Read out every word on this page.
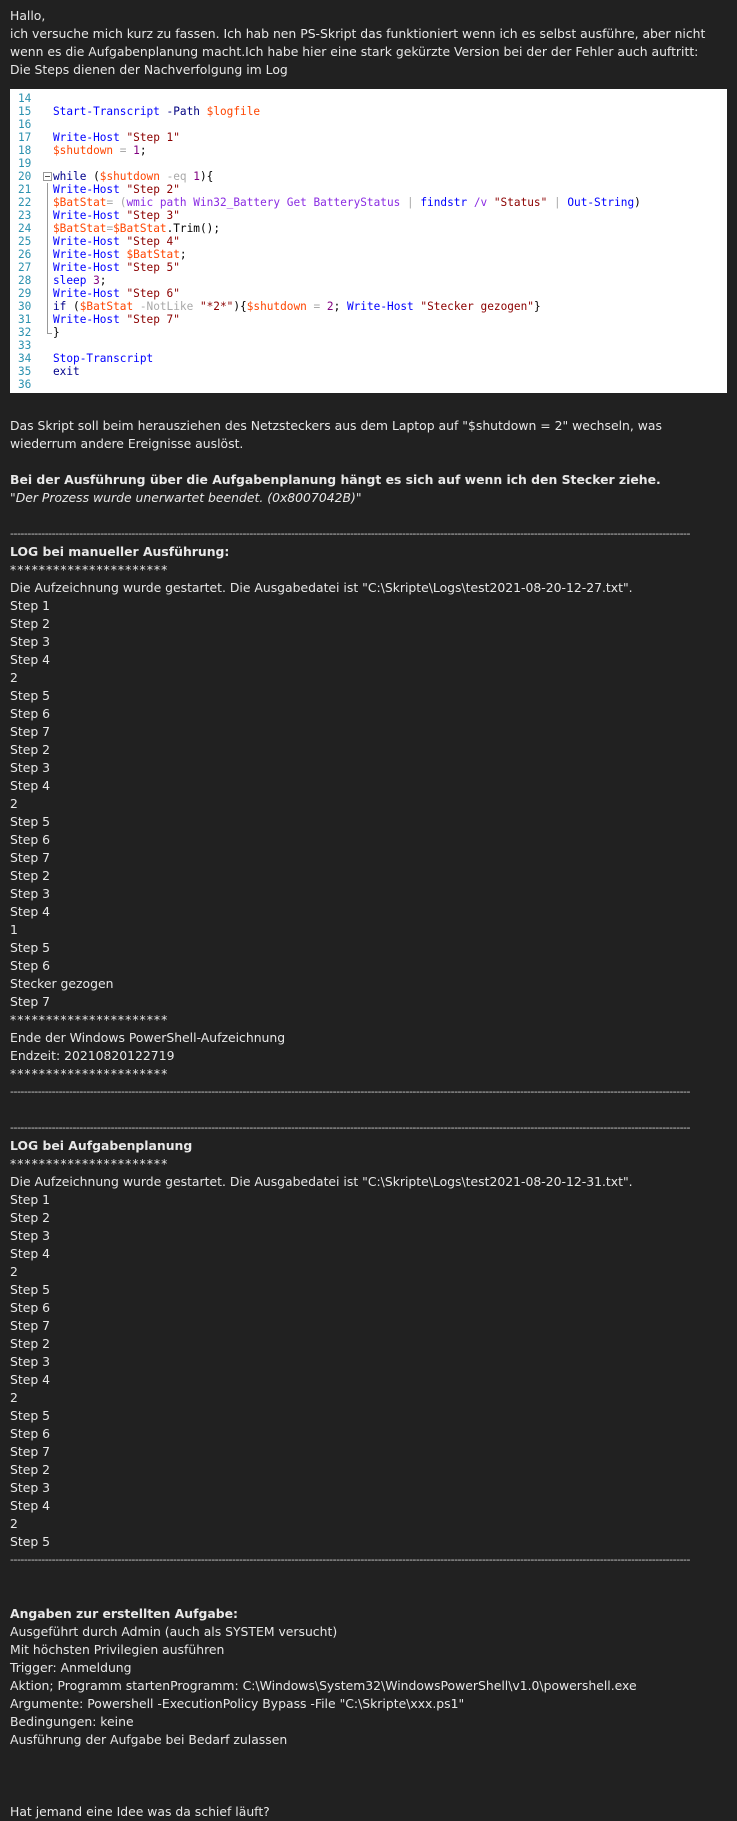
Hallo,

ich versuche mich kurz zu fassen. Ich hab nen PS-Skript das funktioniert wenn ich es selbst ausführe, aber nicht wenn es die Aufgabenplanung macht.Ich habe hier eine stark gekürzte Version bei der der Fehler auch auftritt:

Die Steps dienen der Nachverfolgung im Log

14
15	Start-Transcript -Path $logfile
16
17	Write-Host
"Step 1"
18	$shutdown = 1 ;
19
20	while ( $shutdown -eq 1 ){
21	Write-Host
"Step 2"
22	$BatStat = ( wmic path Win32_Battery Get BatteryStatus | findstr /v "Status" | Out-String )
23	Write-Host
"Step 3"
24	$BatStat = $BatStat .Trim();
25	Write-Host
"Step 4"
26	Write-Host
$BatStat ;
27	Write-Host
"Step 5"
28	sleep
3 ;
29	Write-Host
"Step 6"
30	if ( $BatStat -NotLike "*2*" ){ $shutdown = 2 ; Write-Host
"Stecker gezogen" }
31	Write-Host
"Step 7"
32	}
33
34	Stop-Transcript
35	exit
36

Das Skript soll beim herausziehen des Netzsteckers aus dem Laptop auf "$shutdown = 2" wechseln, was wiederrum andere Ereignisse auslöst.

Bei der Ausführung über die Aufgabenplanung hängt es sich auf wenn ich den Stecker ziehe.

"Der Prozess wurde unerwartet beendet. (0x8007042B)"

----------------------------------------------------------------------------------------------------------------------------------------------------------------------------------------------------

LOG bei manueller Ausführung:

**********************

Die Aufzeichnung wurde gestartet. Die Ausgabedatei ist "C:\Skripte\Logs\test2021-08-20-12-27.txt".

Step 1

Step 2

Step 3

Step 4

2

Step 5

Step 6

Step 7

Step 2

Step 3

Step 4

2

Step 5

Step 6

Step 7

Step 2

Step 3

Step 4

1

Step 5

Step 6

Stecker gezogen

Step 7

**********************

Ende der Windows PowerShell-Aufzeichnung

Endzeit: 20210820122719

**********************
----------------------------------------------------------------------------------------------------------------------------------------------------------------------------------------------------
----------------------------------------------------------------------------------------------------------------------------------------------------------------------------------------------------

LOG bei Aufgabenplanung

**********************

Die Aufzeichnung wurde gestartet. Die Ausgabedatei ist "C:\Skripte\Logs\test2021-08-20-12-31.txt".

Step 1

Step 2

Step 3

Step 4

2

Step 5

Step 6

Step 7

Step 2

Step 3

Step 4

2

Step 5

Step 6

Step 7

Step 2

Step 3

Step 4

2

Step 5

----------------------------------------------------------------------------------------------------------------------------------------------------------------------------------------------------

Angaben zur erstellten Aufgabe:

Ausgeführt durch Admin (auch als SYSTEM versucht)

Mit höchsten Privilegien ausführen

Trigger: Anmeldung

Aktion; Programm startenProgramm: C:\Windows\System32\WindowsPowerShell\v1.0\powershell.exe

Argumente: Powershell -ExecutionPolicy Bypass -File "C:\Skripte\xxx.ps1"

Bedingungen: keine

Ausführung der Aufgabe bei Bedarf zulassen

Hat jemand eine Idee was da schief läuft?
